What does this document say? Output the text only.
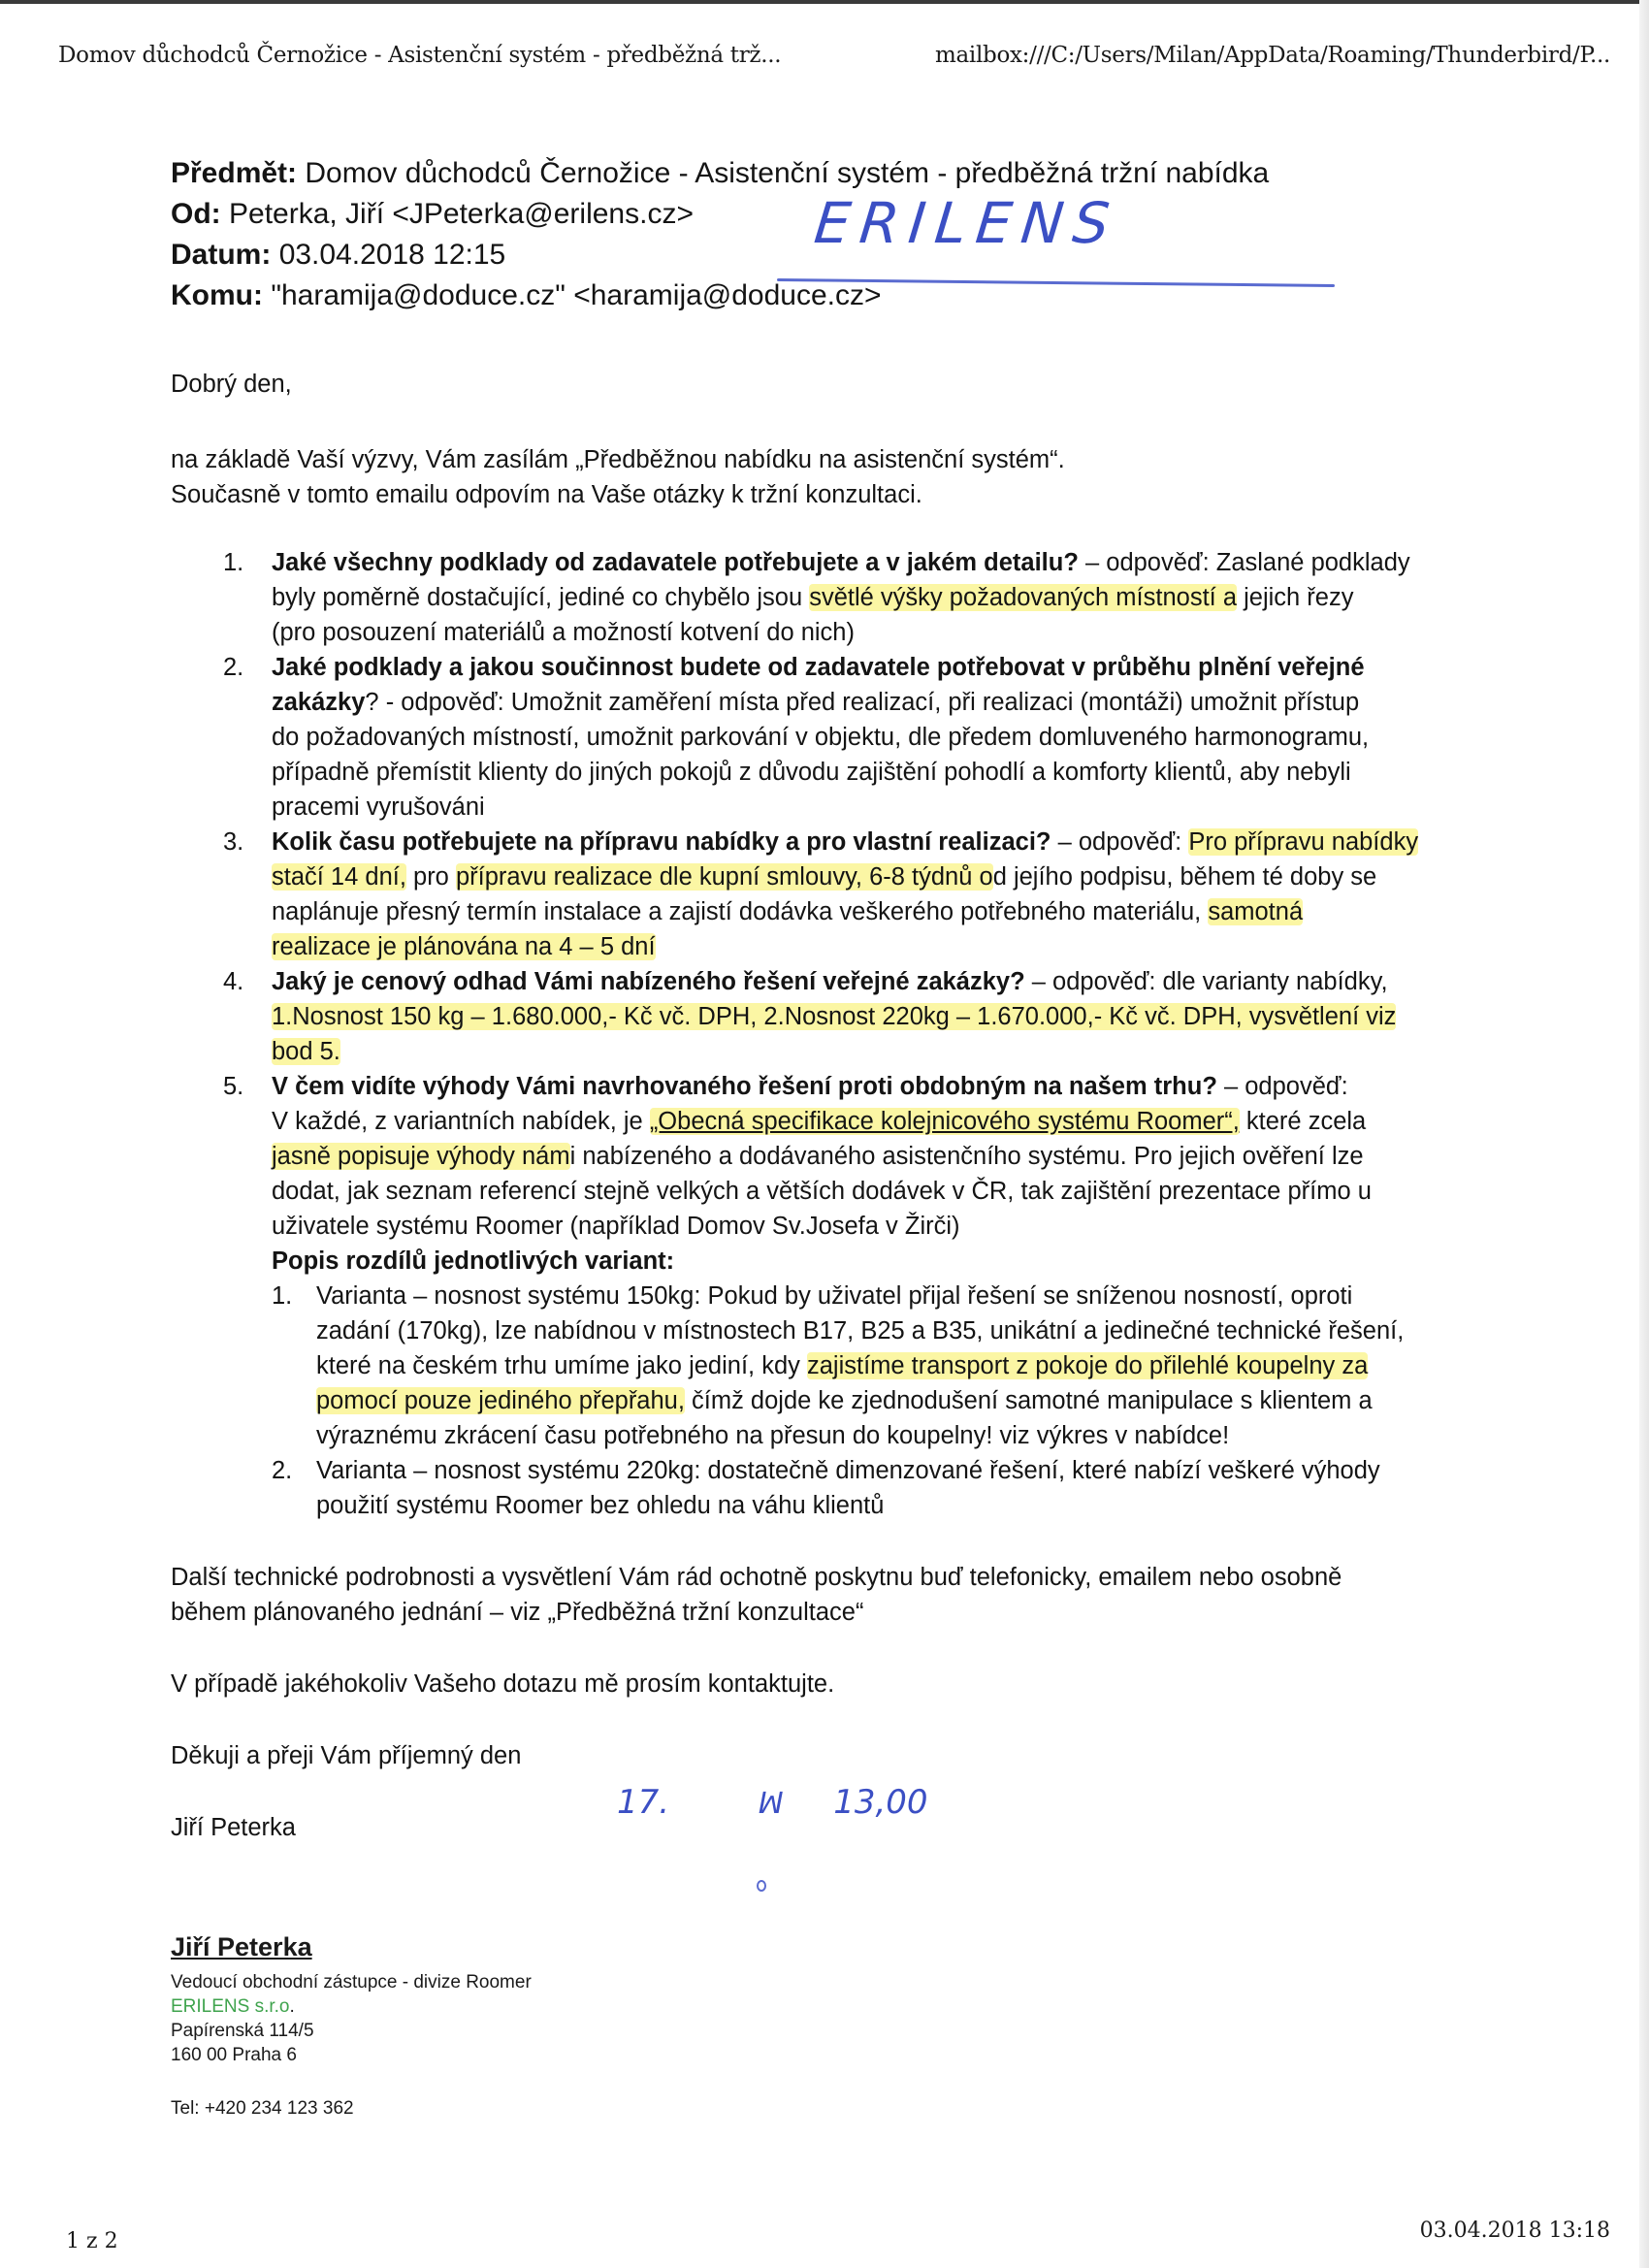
Domov důchodců Černožice - Asistenční systém - předběžná trž...	mailbox:///C:/Users/Milan/AppData/Roaming/Thunderbird/P...
Předmět: Domov důchodců Černožice - Asistenční systém - předběžná tržní nabídka
Od: Peterka, Jiří <JPeterka@erilens.cz>
Datum: 03.04.2018 12:15
Komu: "haramija@doduce.cz" <haramija@doduce.cz>
ERILENS

Dobrý den,

na základě Vaší výzvy, Vám zasílám „Předběžnou nabídku na asistenční systém“.

Současně v tomto emailu odpovím na Vaše otázky k tržní konzultaci.

1. Jaké všechny podklady od zadavatele potřebujete a v jakém detailu? – odpověď: Zaslané podklady
byly poměrně dostačující, jediné co chybělo jsou světlé výšky požadovaných místností a jejich řezy
(pro posouzení materiálů a možností kotvení do nich)
2. Jaké podklady a jakou součinnost budete od zadavatele potřebovat v průběhu plnění veřejné
zakázky? - odpověď: Umožnit zaměření místa před realizací, při realizaci (montáži) umožnit přístup
do požadovaných místností, umožnit parkování v objektu, dle předem domluveného harmonogramu,
případně přemístit klienty do jiných pokojů z důvodu zajištění pohodlí a komforty klientů, aby nebyli
pracemi vyrušováni
3. Kolik času potřebujete na přípravu nabídky a pro vlastní realizaci? – odpověď: Pro přípravu nabídky
stačí 14 dní, pro přípravu realizace dle kupní smlouvy, 6-8 týdnů od jejího podpisu, během té doby se
naplánuje přesný termín instalace a zajistí dodávka veškerého potřebného materiálu, samotná
realizace je plánována na 4 – 5 dní
4. Jaký je cenový odhad Vámi nabízeného řešení veřejné zakázky? – odpověď: dle varianty nabídky,
1.Nosnost 150 kg – 1.680.000,- Kč vč. DPH, 2.Nosnost 220kg – 1.670.000,- Kč vč. DPH, vysvětlení viz
bod 5.
5. V čem vidíte výhody Vámi navrhovaného řešení proti obdobným na našem trhu? – odpověď:
V každé, z variantních nabídek, je „Obecná specifikace kolejnicového systému Roomer“, které zcela
jasně popisuje výhody námi nabízeného a dodávaného asistenčního systému. Pro jejich ověření lze
dodat, jak seznam referencí stejně velkých a větších dodávek v ČR, tak zajištění prezentace přímo u
uživatele systému Roomer (například Domov Sv.Josefa v Žirči)
Popis rozdílů jednotlivých variant:
1. Varianta – nosnost systému 150kg: Pokud by uživatel přijal řešení se sníženou nosností, oproti
zadání (170kg), lze nabídnou v místnostech B17, B25 a B35, unikátní a jedinečné technické řešení,
které na českém trhu umíme jako jediní, kdy zajistíme transport z pokoje do přilehlé koupelny za
pomocí pouze jediného přepřahu, čímž dojde ke zjednodušení samotné manipulace s klientem a
výraznému zkrácení času potřebného na přesun do koupelny! viz výkres v nabídce!
2. Varianta – nosnost systému 220kg: dostatečně dimenzované řešení, které nabízí veškeré výhody
použití systému Roomer bez ohledu na váhu klientů

Další technické podrobnosti a vysvětlení Vám rád ochotně poskytnu buď telefonicky, emailem nebo osobně

během plánovaného jednání – viz „Předběžná tržní konzultace“

V případě jakéhokoliv Vašeho dotazu mě prosím kontaktujte.

Děkuji a přeji Vám příjemný den

Jiří Peterka

17.	ꟽ 13,00
Jiří Peterka
Vedoucí obchodní zástupce - divize Roomer
ERILENS s.r.o.
Papírenská 114/5
160 00 Praha 6
Tel: +420 234 123 362
1 z 2	03.04.2018 13:18
